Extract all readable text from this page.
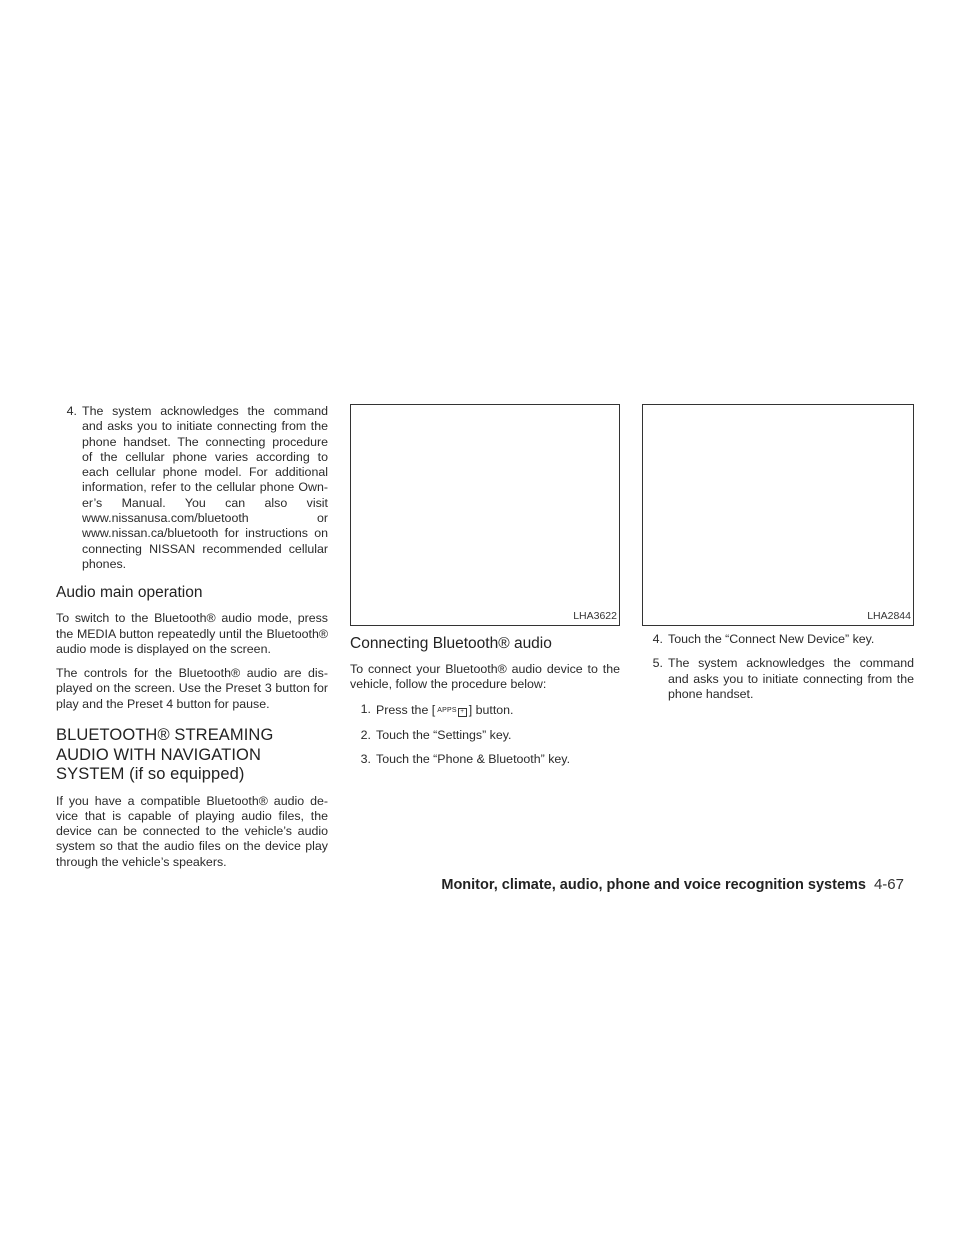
4. The system acknowledges the command and asks you to initiate connecting from the phone handset. The connecting procedure of the cellular phone varies according to each cellular phone model. For additional information, refer to the cellular phone Own-er’s Manual. You can also visit www.nissanusa.com/bluetooth or www.nissan.ca/bluetooth for instructions on connecting NISSAN recommended cellular phones.
Audio main operation

To switch to the Bluetooth® audio mode, press the MEDIA button repeatedly until the Bluetooth® audio mode is displayed on the screen.

The controls for the Bluetooth® audio are dis-played on the screen. Use the Preset 3 button for play and the Preset 4 button for pause.

BLUETOOTH® STREAMING AUDIO WITH NAVIGATION SYSTEM (if so equipped)

If you have a compatible Bluetooth® audio de-vice that is capable of playing audio files, the device can be connected to the vehicle’s audio system so that the audio files on the device play through the vehicle’s speakers.

LHA3622
Connecting Bluetooth® audio

To connect your Bluetooth® audio device to the vehicle, follow the procedure below:

1. Press the [ APPS + ] button.
2. Touch the “Settings” key.
3. Touch the “Phone & Bluetooth” key.
LHA2844
4. Touch the “Connect New Device” key.
5. The system acknowledges the command and asks you to initiate connecting from the phone handset.
Monitor, climate, audio, phone and voice recognition systems 4-67
